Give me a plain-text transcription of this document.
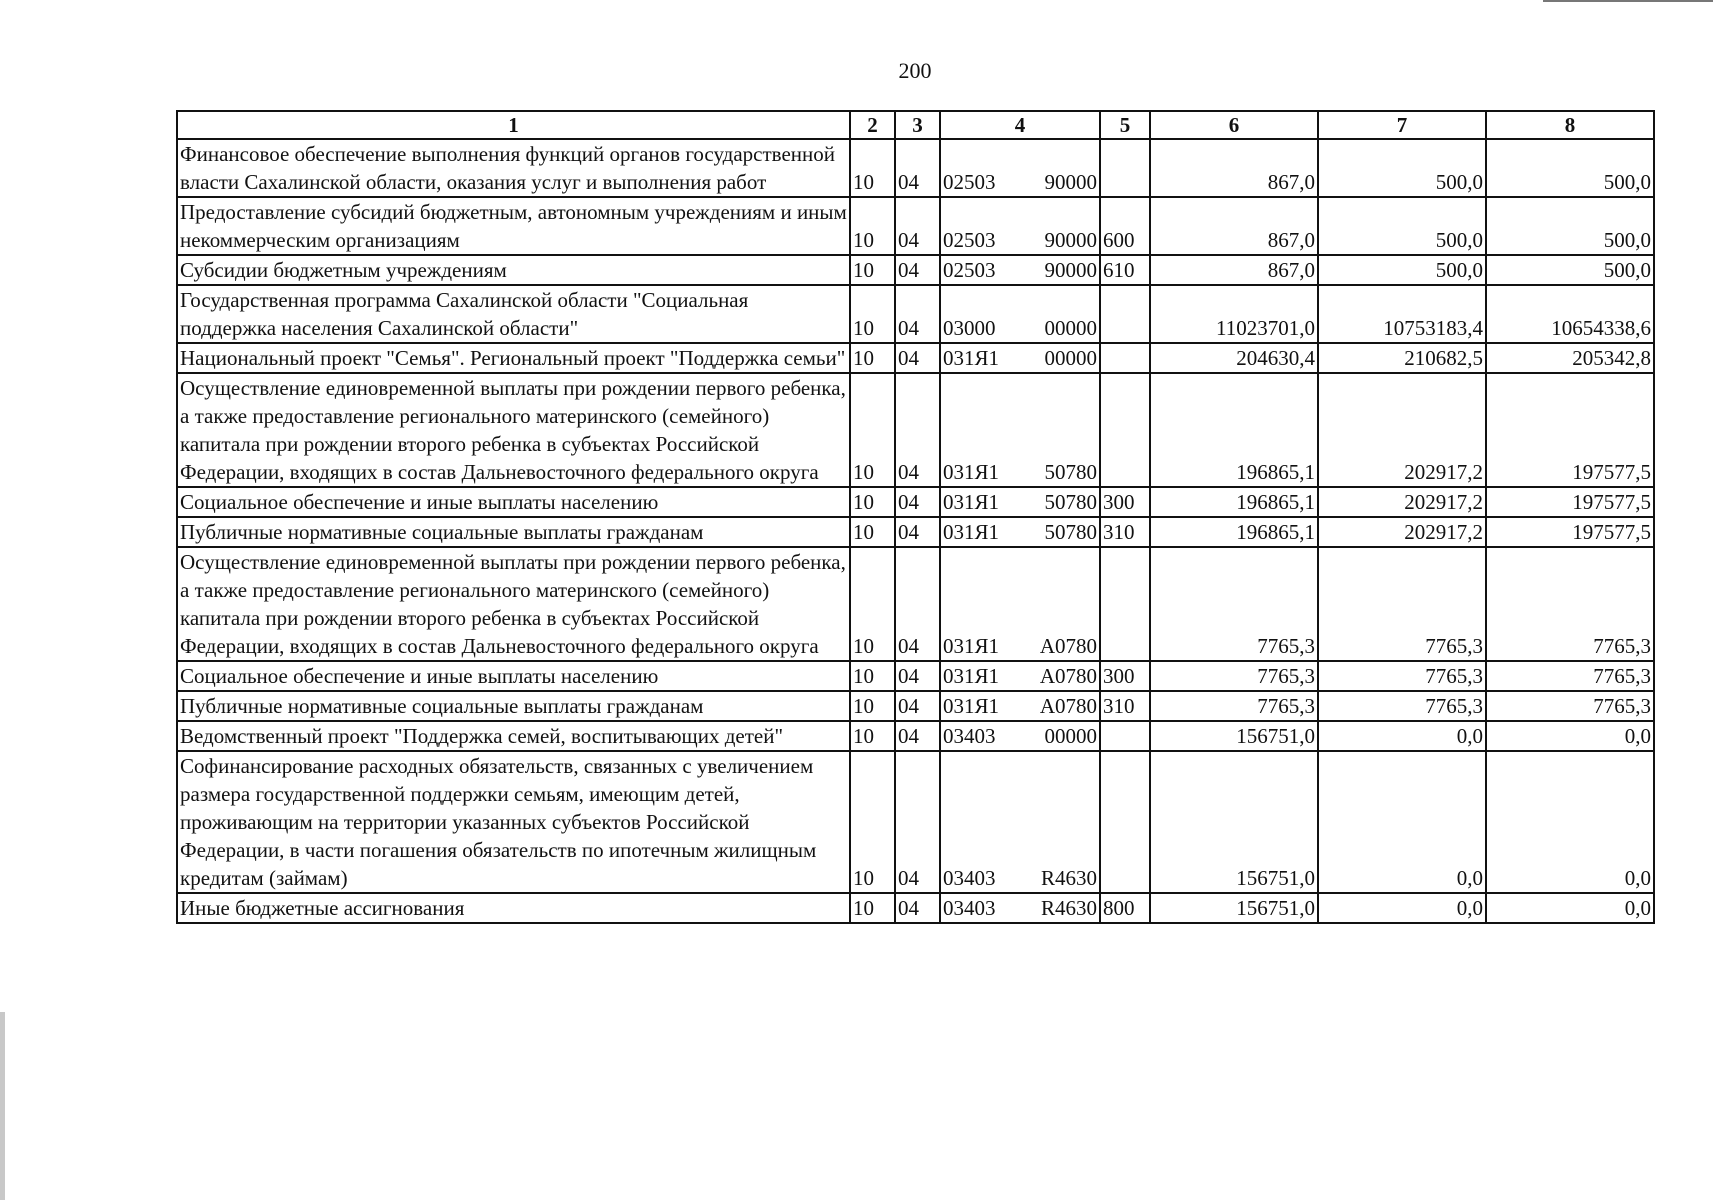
200
1	2	3	4	5	6	7	8
Финансовое обеспечение выполнения функций органов государственной власти Сахалинской области, оказания услуг и выполнения работ	10	04	02503 90000		867,0	500,0	500,0
Предоставление субсидий бюджетным, автономным учреждениям и иным некоммерческим организациям	10	04	02503 90000	600	867,0	500,0	500,0
Субсидии бюджетным учреждениям	10	04	02503 90000	610	867,0	500,0	500,0
Государственная программа Сахалинской области "Социальная поддержка населения Сахалинской области"	10	04	03000 00000		11023701,0	10753183,4	10654338,6
Национальный проект "Семья". Региональный проект "Поддержка семьи"	10	04	031Я1 00000		204630,4	210682,5	205342,8
Осуществление единовременной выплаты при рождении первого ребенка, а также предоставление регионального материнского (семейного) капитала при рождении второго ребенка в субъектах Российской Федерации, входящих в состав Дальневосточного федерального округа	10	04	031Я1 50780		196865,1	202917,2	197577,5
Социальное обеспечение и иные выплаты населению	10	04	031Я1 50780	300	196865,1	202917,2	197577,5
Публичные нормативные социальные выплаты гражданам	10	04	031Я1 50780	310	196865,1	202917,2	197577,5
Осуществление единовременной выплаты при рождении первого ребенка, а также предоставление регионального материнского (семейного) капитала при рождении второго ребенка в субъектах Российской Федерации, входящих в состав Дальневосточного федерального округа	10	04	031Я1 А0780		7765,3	7765,3	7765,3
Социальное обеспечение и иные выплаты населению	10	04	031Я1 А0780	300	7765,3	7765,3	7765,3
Публичные нормативные социальные выплаты гражданам	10	04	031Я1 А0780	310	7765,3	7765,3	7765,3
Ведомственный проект "Поддержка семей, воспитывающих детей"	10	04	03403 00000		156751,0	0,0	0,0
Софинансирование расходных обязательств, связанных с увеличением размера государственной поддержки семьям, имеющим детей, проживающим на территории указанных субъектов Российской Федерации, в части погашения обязательств по ипотечным жилищным кредитам (займам)	10	04	03403 R4630		156751,0	0,0	0,0
Иные бюджетные ассигнования	10	04	03403 R4630	800	156751,0	0,0	0,0
